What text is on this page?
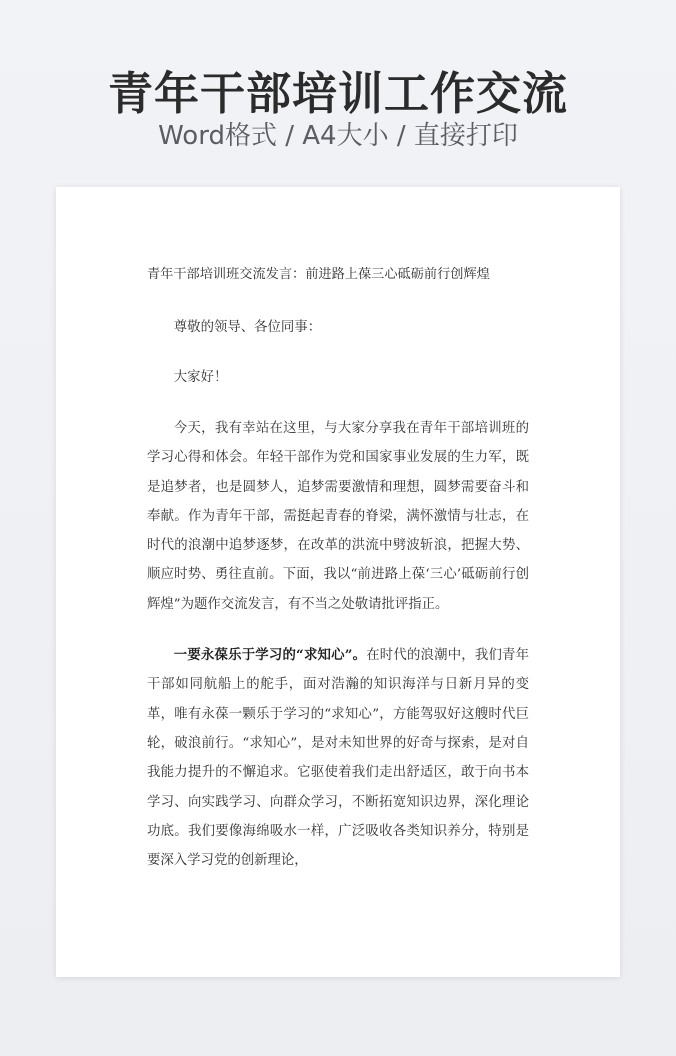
青年干部培训工作交流
Word格式 / A4大小 / 直接打印
青年干部培训班交流发言：前进路上葆三心砥砺前行创辉煌

尊敬的领导、各位同事：

大家好！

今天，我有幸站在这里，与大家分享我在青年干部培训班的学习心得和体会。年轻干部作为党和国家事业发展的生力军，既是追梦者，也是圆梦人，追梦需要激情和理想，圆梦需要奋斗和奉献。作为青年干部，需挺起青春的脊梁，满怀激情与壮志，在时代的浪潮中追梦逐梦，在改革的洪流中劈波斩浪，把握大势、顺应时势、勇往直前。下面，我以“前进路上葆‘三心’砥砺前行创辉煌”为题作交流发言，有不当之处敬请批评指正。

一要永葆乐于学习的“求知心”。在时代的浪潮中，我们青年干部如同航船上的舵手，面对浩瀚的知识海洋与日新月异的变革，唯有永葆一颗乐于学习的“求知心”，方能驾驭好这艘时代巨轮，破浪前行。“求知心”，是对未知世界的好奇与探索，是对自我能力提升的不懈追求。它驱使着我们走出舒适区，敢于向书本学习、向实践学习、向群众学习，不断拓宽知识边界，深化理论功底。我们要像海绵吸水一样，广泛吸收各类知识养分，特别是要深入学习党的创新理论，
